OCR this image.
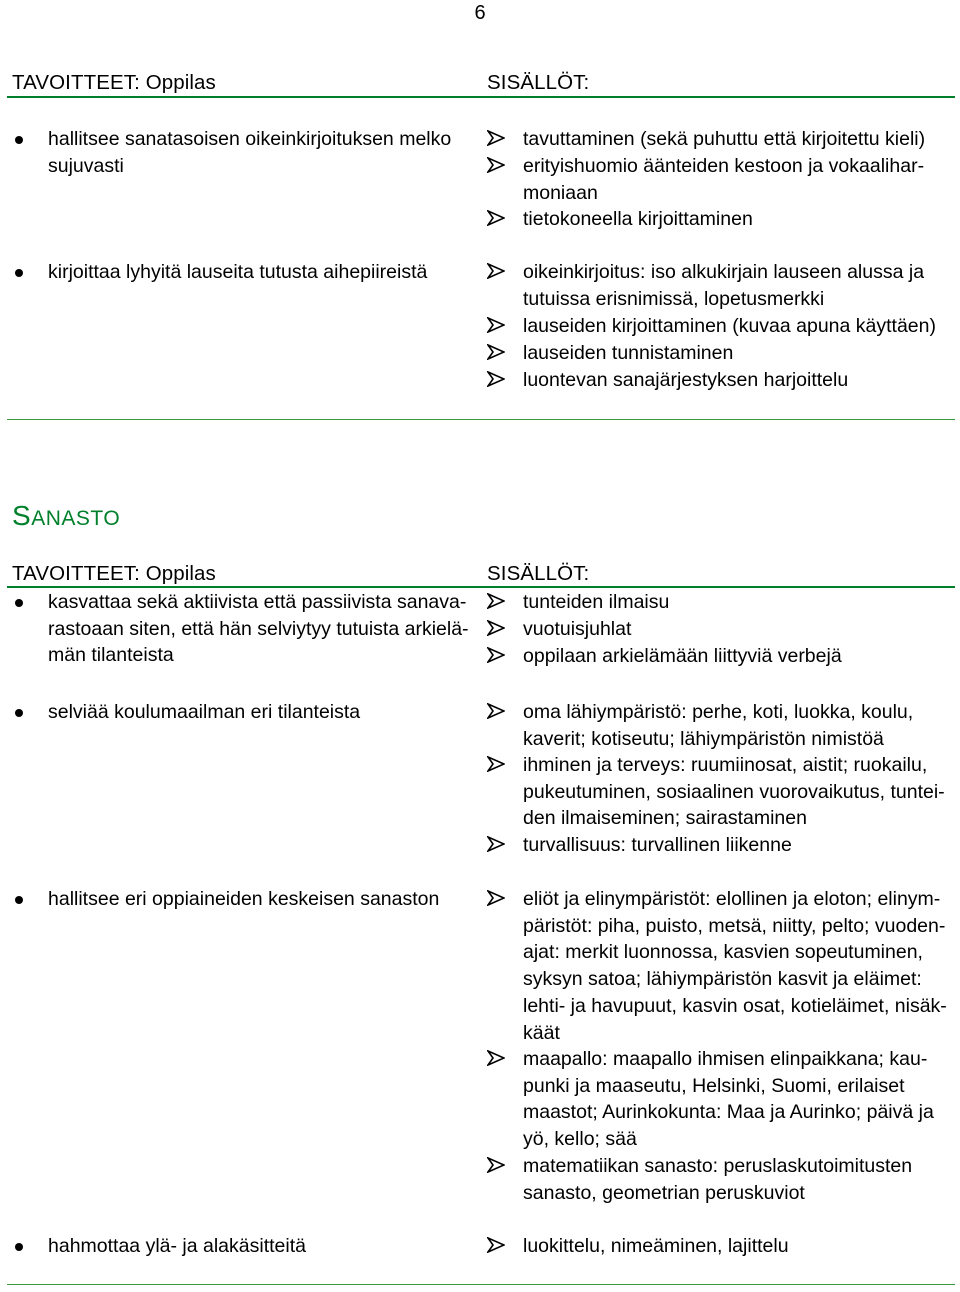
6
TAVOITTEET: Oppilas	SISÄLLÖT:
hallitsee sanatasoisen oikeinkirjoituksen melko
sujuvasti
kirjoittaa lyhyitä lauseita tutusta aihepiireistä
tavuttaminen (sekä puhuttu että kirjoitettu kieli)
erityishuomio äänteiden kestoon ja vokaalihar-
moniaan
tietokoneella kirjoittaminen
oikeinkirjoitus: iso alkukirjain lauseen alussa ja
tutuissa erisnimissä, lopetusmerkki
lauseiden kirjoittaminen (kuvaa apuna käyttäen)
lauseiden tunnistaminen
luontevan sanajärjestyksen harjoittelu
SANASTO
TAVOITTEET: Oppilas	SISÄLLÖT:
kasvattaa sekä aktiivista että passiivista sanava-
rastoaan siten, että hän selviytyy tutuista arkielä-
män tilanteista
selviää koulumaailman eri tilanteista
hallitsee eri oppiaineiden keskeisen sanaston
hahmottaa ylä- ja alakäsitteitä
tunteiden ilmaisu
vuotuisjuhlat
oppilaan arkielämään liittyviä verbejä
oma lähiympäristö: perhe, koti, luokka, koulu,
kaverit; kotiseutu; lähiympäristön nimistöä
ihminen ja terveys: ruumiinosat, aistit; ruokailu,
pukeutuminen, sosiaalinen vuorovaikutus, tuntei-
den ilmaiseminen; sairastaminen
turvallisuus: turvallinen liikenne
eliöt ja elinympäristöt: elollinen ja eloton; elinym-
päristöt: piha, puisto, metsä, niitty, pelto; vuoden-
ajat: merkit luonnossa, kasvien sopeutuminen,
syksyn satoa; lähiympäristön kasvit ja eläimet:
lehti- ja havupuut, kasvin osat, kotieläimet, nisäk-
käät
maapallo: maapallo ihmisen elinpaikkana; kau-
punki ja maaseutu, Helsinki, Suomi, erilaiset
maastot; Aurinkokunta: Maa ja Aurinko; päivä ja
yö, kello; sää
matematiikan sanasto: peruslaskutoimitusten
sanasto, geometrian peruskuviot
luokittelu, nimeäminen, lajittelu
